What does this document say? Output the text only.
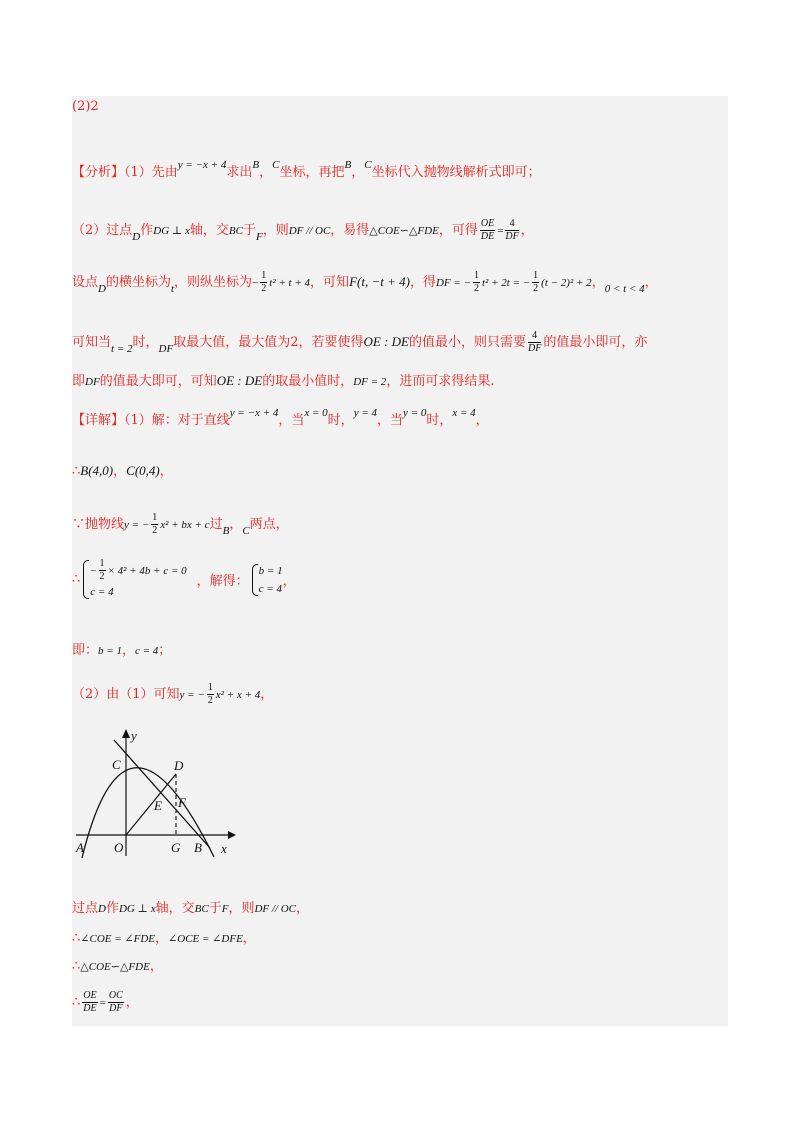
(2)2
【分析】（1）先由$^{y = -x + 4}$求出$^B$，$^C$坐标，再把$^B$，$^C$坐标代入抛物线解析式即可；
（2）过点$_D$作DG ⊥ x轴，交BC于$_F$，则DF // OC，易得△COE∽△FDE，可得 $\frac{OE}{DE} = \frac{4}{DF}$ ，
设点$_D$的横坐标为$_t$，则纵坐标为− $\frac{1}{2} t^2 + t + 4$，可知F(t, −t + 4)，得DF = − $\frac{1}{2} t^2 + 2t$ = − $\frac{1}{2} (t - 2)^2 + 2$，$_{0 < t < 4}$，
可知当$_{t = 2}$时，$_{DF}$取最大值，最大值为2，若要使得OE : DE的值最小，则只需要 $\frac{4}{DF}$ 的值最小即可，亦
即DF的值最大即可，可知OE : DE的取最小值时，DF = 2，进而可求得结果.
【详解】（1）解：对于直线$^{y = -x + 4}$，当$^{x = 0}$时，$^{y = 4}$，当$^{y = 0}$时，$^{x = 4}$，
∴B(4,0)，C(0,4)，
∵抛物线y = − $\frac{1}{2} x^2$ + bx + c过$_B$，$_C$两点，
∴
− $\frac{1}{2} \times 4^2 + 4b + c = 0$
c = 4
，解得：
b = 1
c = 4 ，
即：b = 1，c = 4；
（2）由（1）可知y = − $\frac{1}{2} x^2 + x + 4$，
y
x
C	D
E F
A O	G B
过点D作DG ⊥ x轴，交BC于F，则DF // OC，
∴∠COE = ∠FDE，∠OCE = ∠DFE，
∴△COE∽△FDE，
∴ $\frac{OE}{DE} = \frac{OC}{DF}$ ，
